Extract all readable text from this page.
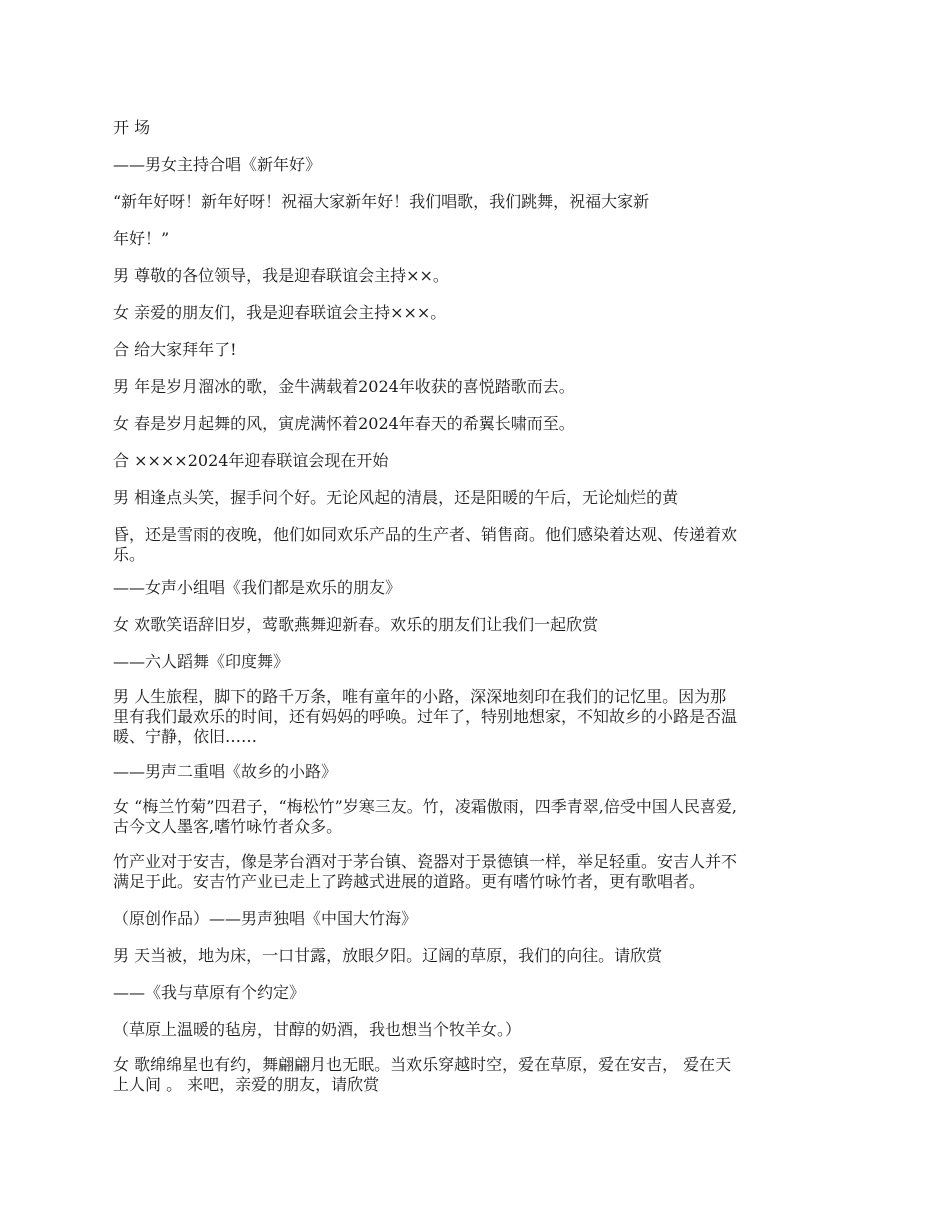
开 场

——男女主持合唱《新年好》

“新年好呀！新年好呀！祝福大家新年好！我们唱歌，我们跳舞，祝福大家新

年好！”

男 尊敬的各位领导，我是迎春联谊会主持××。

女 亲爱的朋友们，我是迎春联谊会主持×××。

合 给大家拜年了!

男 年是岁月溜冰的歌，金牛满载着2024年收获的喜悦踏歌而去。

女 春是岁月起舞的风，寅虎满怀着2024年春天的希翼长啸而至。

合 ××××2024年迎春联谊会现在开始

男 相逢点头笑，握手问个好。无论风起的清晨，还是阳暖的午后，无论灿烂的黄

昏，还是雪雨的夜晚，他们如同欢乐产品的生产者、销售商。他们感染着达观、传递着欢
乐。

——女声小组唱《我们都是欢乐的朋友》

女 欢歌笑语辞旧岁，莺歌燕舞迎新春。欢乐的朋友们让我们一起欣赏

——六人蹈舞《印度舞》

男 人生旅程，脚下的路千万条，唯有童年的小路，深深地刻印在我们的记忆里。因为那
里有我们最欢乐的时间，还有妈妈的呼唤。过年了，特别地想家，不知故乡的小路是否温
暖、宁静，依旧……

——男声二重唱《故乡的小路》

女 “梅兰竹菊”四君子，“梅松竹”岁寒三友。竹，凌霜傲雨，四季青翠,倍受中国人民喜爱,
古今文人墨客,嗜竹咏竹者众多。

竹产业对于安吉，像是茅台酒对于茅台镇、瓷器对于景德镇一样，举足轻重。安吉人并不
满足于此。安吉竹产业已走上了跨越式进展的道路。更有嗜竹咏竹者，更有歌唱者。

（原创作品）——男声独唱《中国大竹海》

男 天当被，地为床，一口甘露，放眼夕阳。辽阔的草原，我们的向往。请欣赏

——《我与草原有个约定》

（草原上温暖的毡房，甘醇的奶酒，我也想当个牧羊女。）

女 歌绵绵星也有约，舞翩翩月也无眠。当欢乐穿越时空，爱在草原，爱在安吉， 爱在天
上人间 。 来吧，亲爱的朋友，请欣赏
